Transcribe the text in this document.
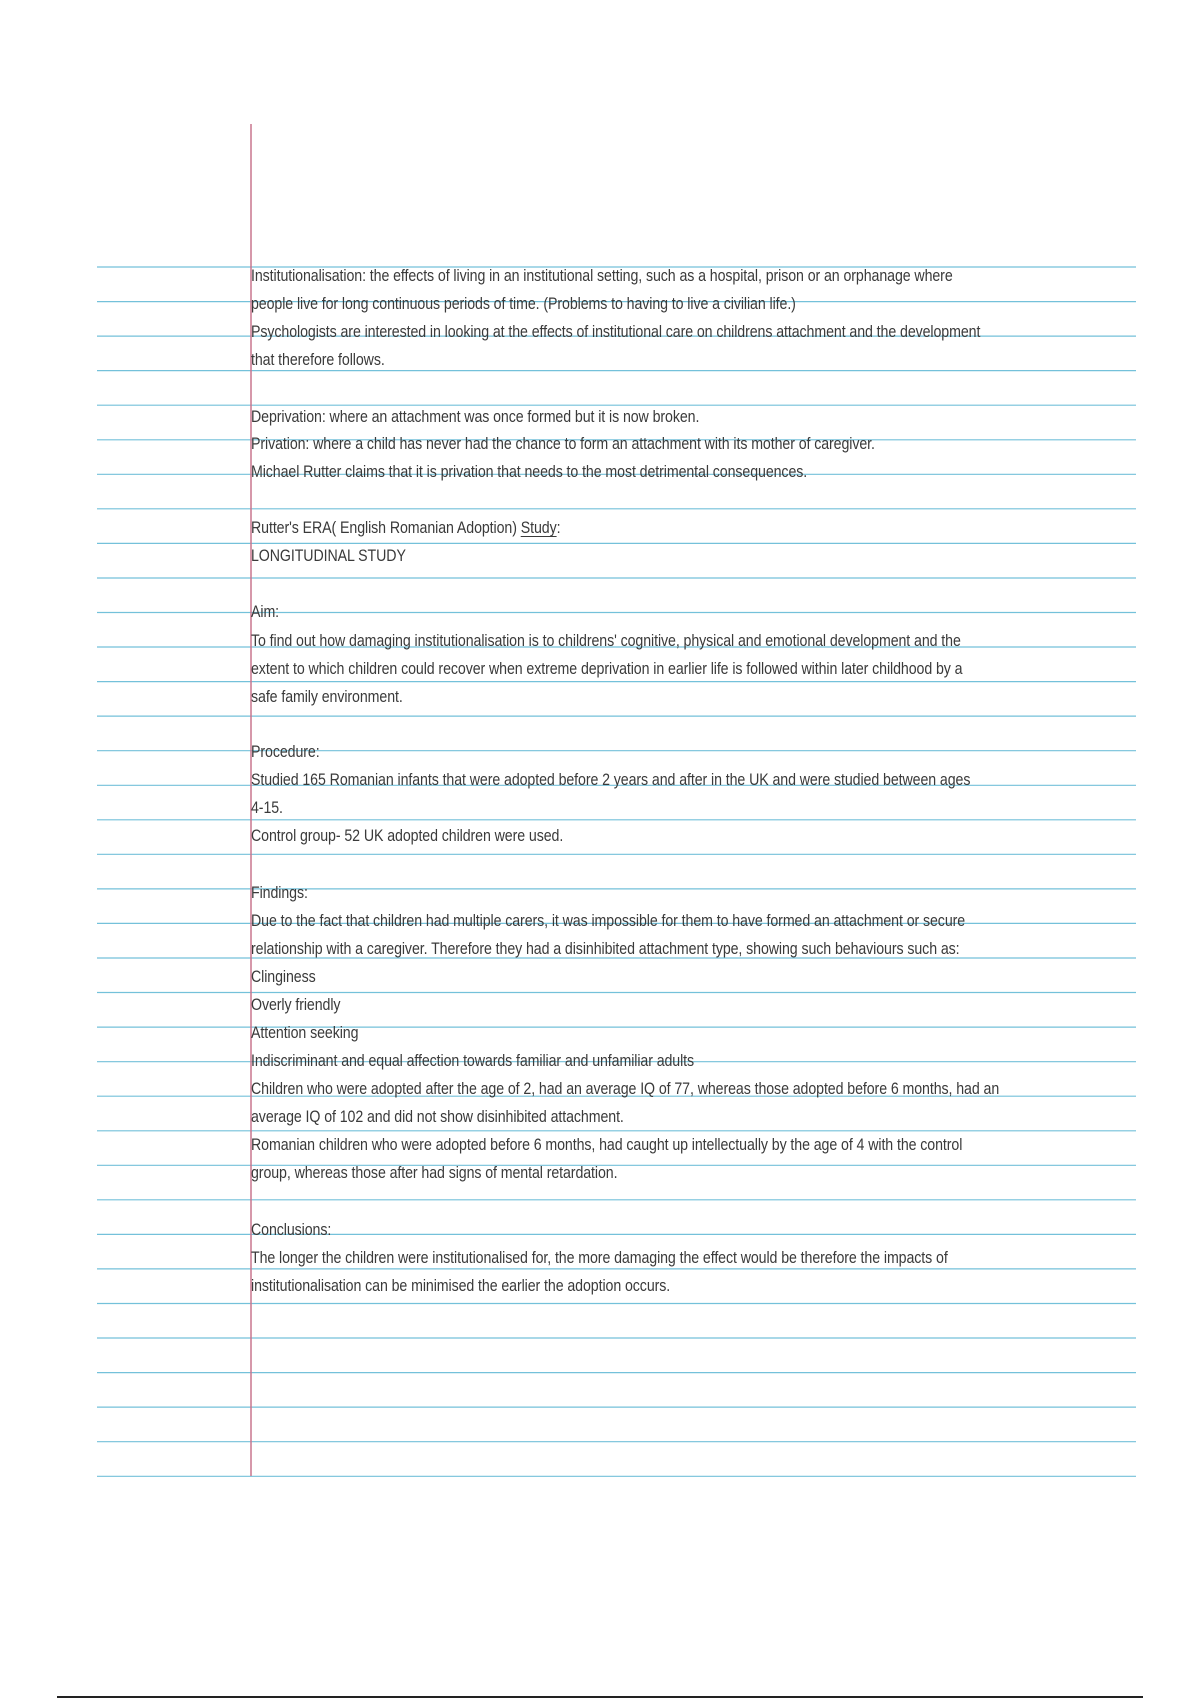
Institutionalisation: the effects of living in an institutional setting, such as a hospital, prison or an orphanage where
people live for long continuous periods of time. (Problems to having to live a civilian life.)
Psychologists are interested in looking at the effects of institutional care on childrens attachment and the development
that therefore follows.
Deprivation: where an attachment was once formed but it is now broken.
Privation: where a child has never had the chance to form an attachment with its mother of caregiver.
Michael Rutter claims that it is privation that needs to the most detrimental consequences.
Rutter's ERA( English Romanian Adoption) Study:
LONGITUDINAL STUDY
Aim:
To find out how damaging institutionalisation is to childrens' cognitive, physical and emotional development and the
extent to which children could recover when extreme deprivation in earlier life is followed within later childhood by a
safe family environment.
Procedure:
Studied 165 Romanian infants that were adopted before 2 years and after in the UK and were studied between ages
4-15.
Control group- 52 UK adopted children were used.
Findings:
Due to the fact that children had multiple carers, it was impossible for them to have formed an attachment or secure
relationship with a caregiver. Therefore they had a disinhibited attachment type, showing such behaviours such as:
Clinginess
Overly friendly
Attention seeking
Indiscriminant and equal affection towards familiar and unfamiliar adults
Children who were adopted after the age of 2, had an average IQ of 77, whereas those adopted before 6 months, had an
average IQ of 102 and did not show disinhibited attachment.
Romanian children who were adopted before 6 months, had caught up intellectually by the age of 4 with the control
group, whereas those after had signs of mental retardation.
Conclusions:
The longer the children were institutionalised for, the more damaging the effect would be therefore the impacts of
institutionalisation can be minimised the earlier the adoption occurs.
